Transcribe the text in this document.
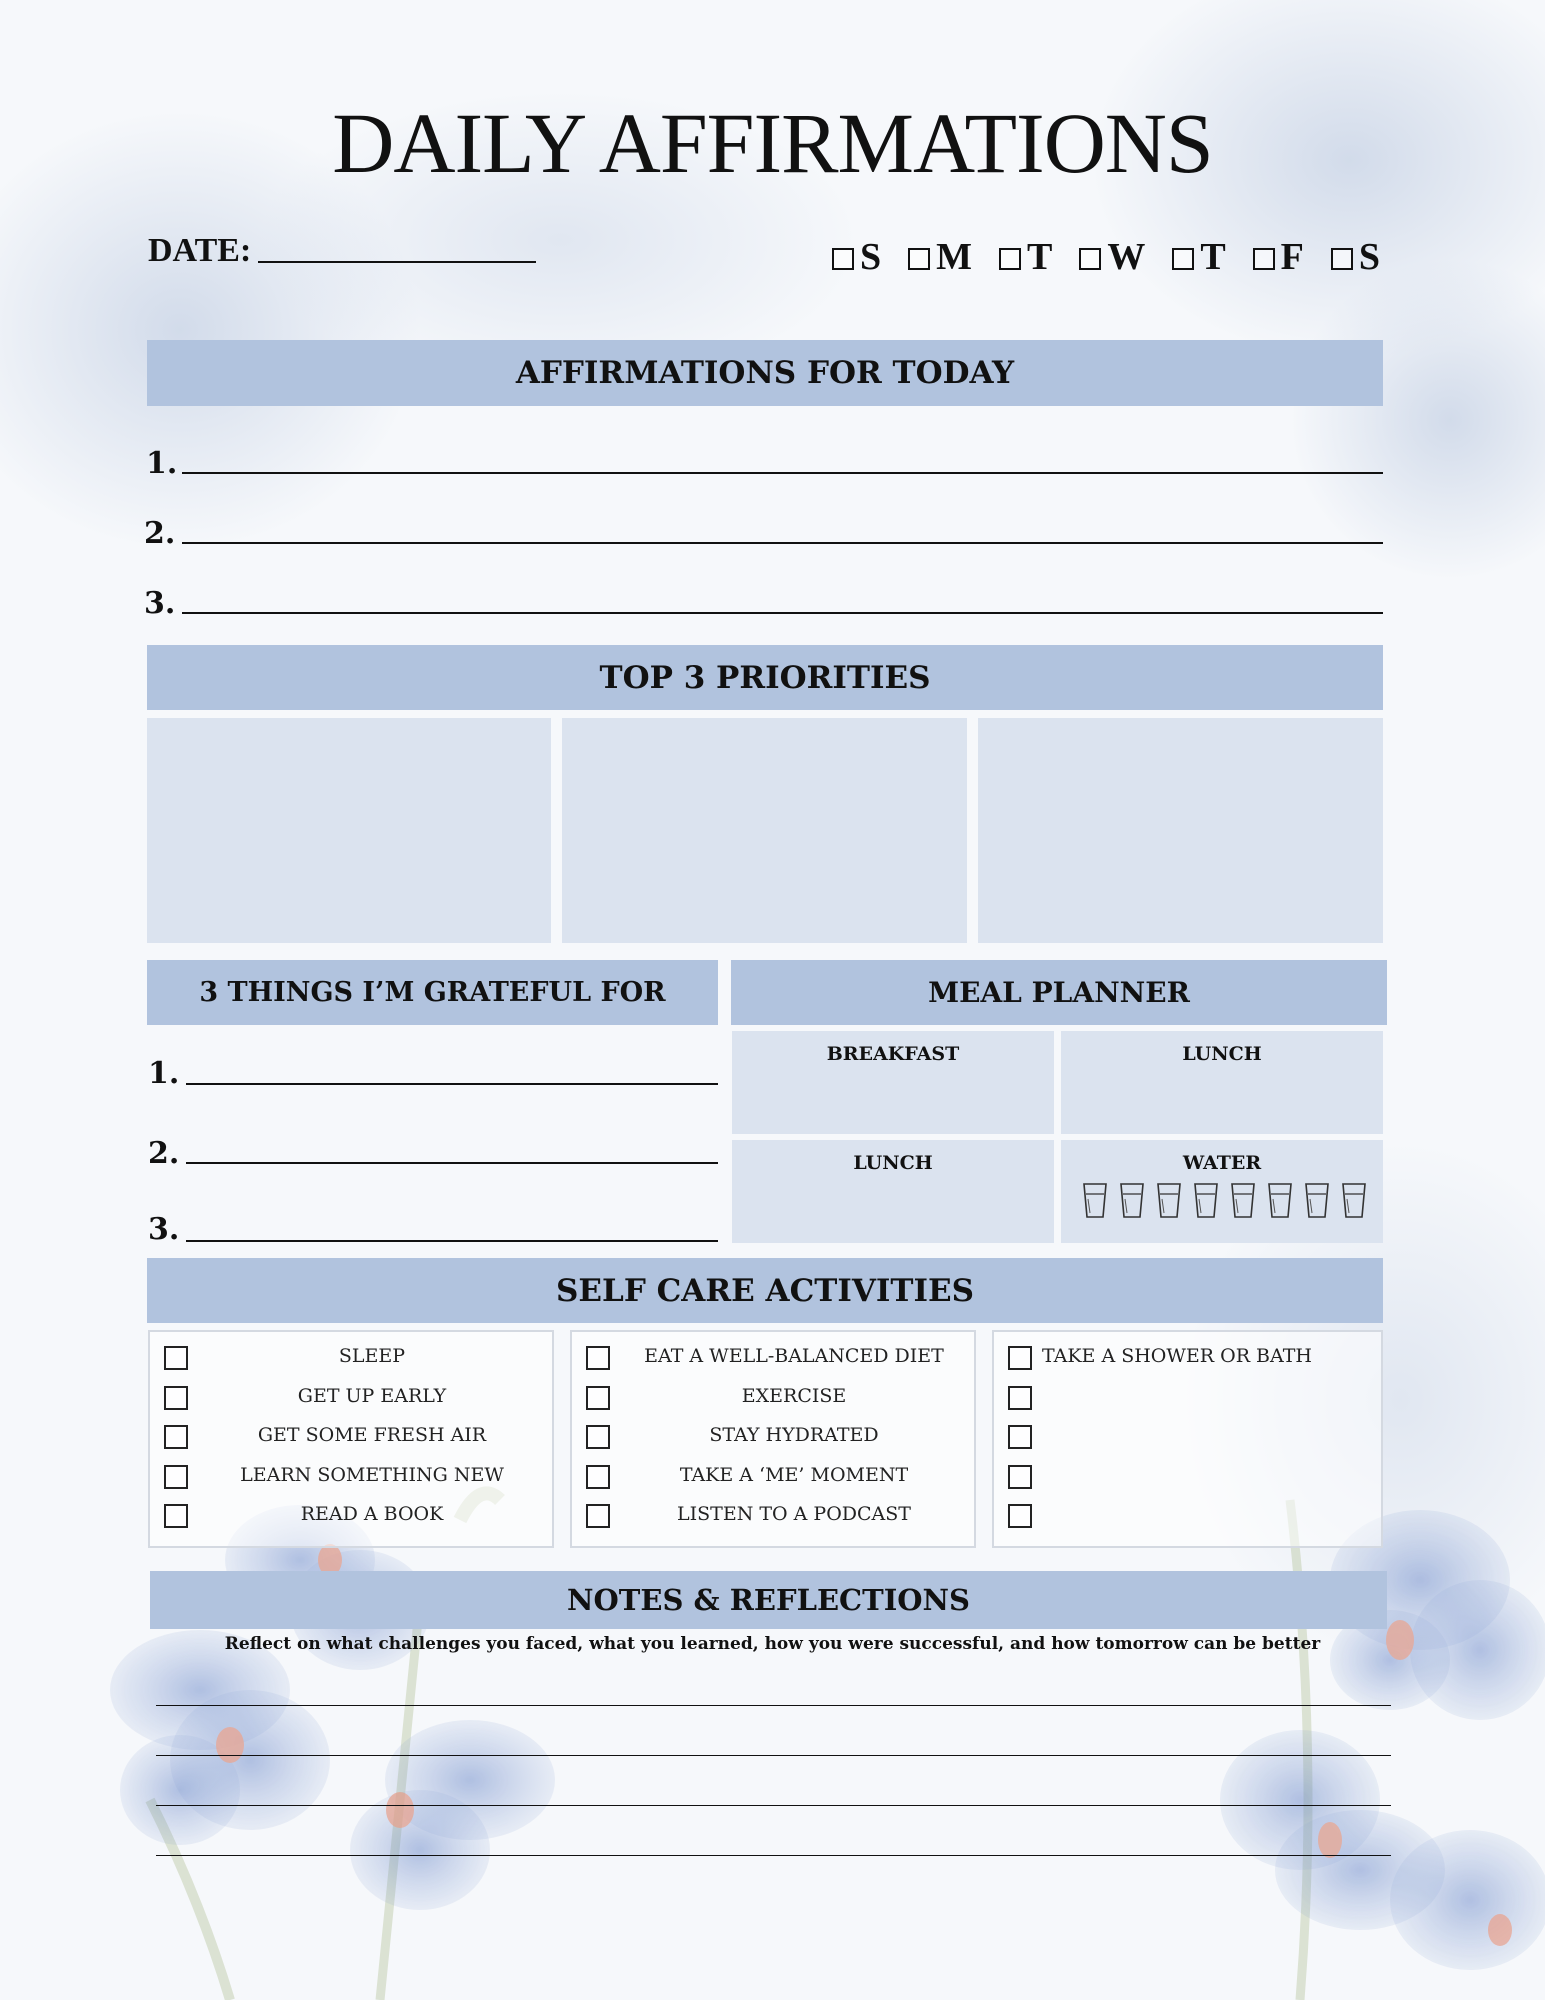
DAILY AFFIRMATIONS
DATE:	S M T W T F S
AFFIRMATIONS FOR TODAY
1.
2.
3.
TOP 3 PRIORITIES
3 THINGS I’M GRATEFUL FOR
1.
2.
3.
MEAL PLANNER
BREAKFAST	LUNCH
LUNCH	WATER
SELF CARE ACTIVITIES
SLEEP
GET UP EARLY
GET SOME FRESH AIR
LEARN SOMETHING NEW
READ A BOOK
EAT A WELL-BALANCED DIET
EXERCISE
STAY HYDRATED
TAKE A ‘ME’ MOMENT
LISTEN TO A PODCAST
TAKE A SHOWER OR BATH
NOTES & REFLECTIONS
Reflect on what challenges you faced, what you learned, how you were successful, and how tomorrow can be better
